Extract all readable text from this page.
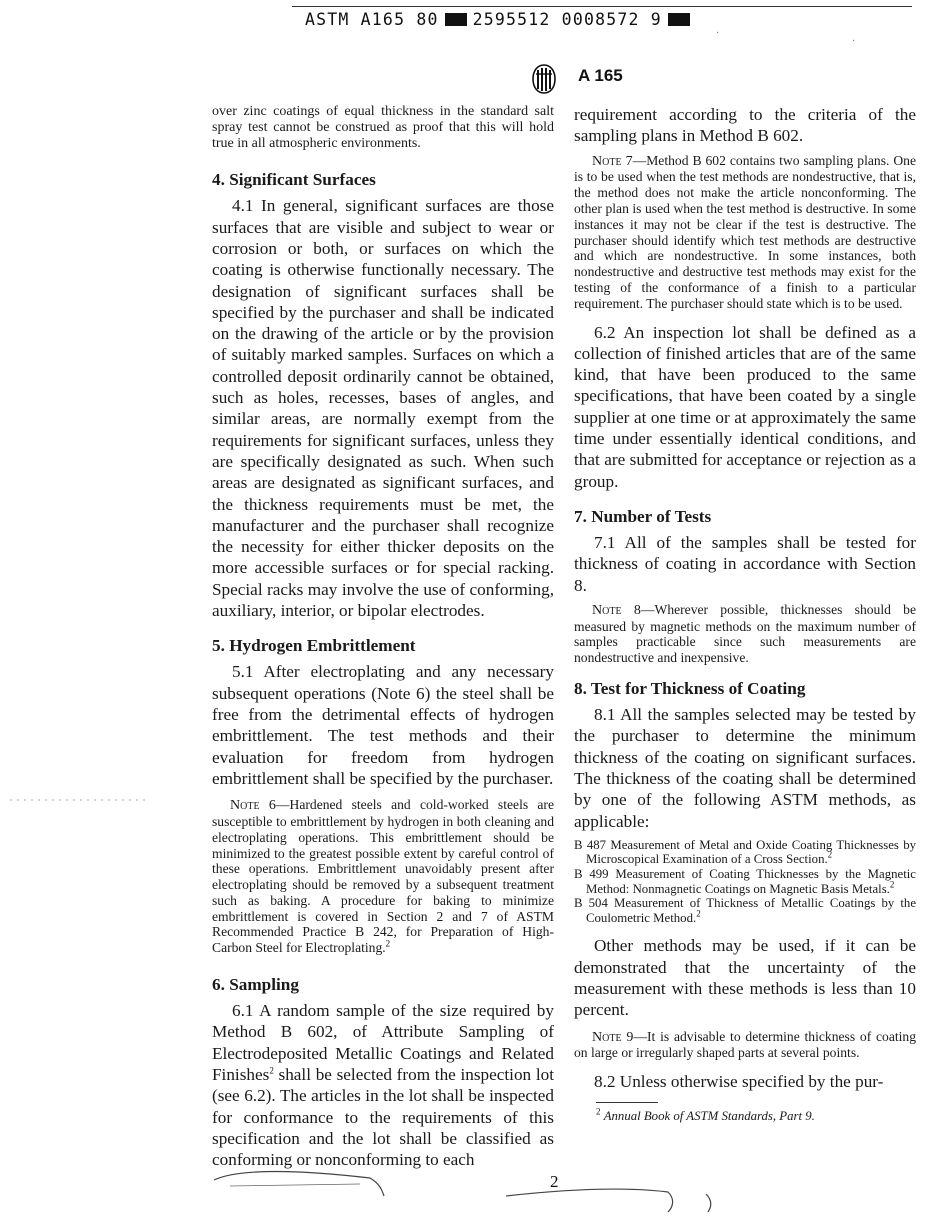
ASTM A165 80 2595512 0008572 9
A 165

over zinc coatings of equal thickness in the standard salt spray test cannot be construed as proof that this will hold true in all atmospheric environments.

4. Significant Surfaces

4.1 In general, significant surfaces are those surfaces that are visible and subject to wear or corrosion or both, or surfaces on which the coating is otherwise functionally necessary. The designation of significant surfaces shall be specified by the purchaser and shall be indicated on the drawing of the article or by the provision of suitably marked samples. Surfaces on which a controlled deposit ordinarily cannot be obtained, such as holes, recesses, bases of angles, and similar areas, are normally exempt from the requirements for significant surfaces, unless they are specifically designated as such. When such areas are designated as significant surfaces, and the thickness requirements must be met, the manufacturer and the purchaser shall recognize the necessity for either thicker deposits on the more accessible surfaces or for special racking. Special racks may involve the use of conforming, auxiliary, interior, or bipolar electrodes.

5. Hydrogen Embrittlement

5.1 After electroplating and any necessary subsequent operations (Note 6) the steel shall be free from the detrimental effects of hydrogen embrittlement. The test methods and their evaluation for freedom from hydrogen embrittlement shall be specified by the purchaser.

Note 6—Hardened steels and cold-worked steels are susceptible to embrittlement by hydrogen in both cleaning and electroplating operations. This embrittlement should be minimized to the greatest possible extent by careful control of these operations. Embrittlement unavoidably present after electroplating should be removed by a subsequent treatment such as baking. A procedure for baking to minimize embrittlement is covered in Section 2 and 7 of ASTM Recommended Practice B 242, for Preparation of High-Carbon Steel for Electroplating.$^2$

6. Sampling

6.1 A random sample of the size required by Method B 602, of Attribute Sampling of Electrodeposited Metallic Coatings and Related Finishes$^2$ shall be selected from the inspection lot (see 6.2). The articles in the lot shall be inspected for conformance to the requirements of this specification and the lot shall be classified as conforming or nonconforming to each

requirement according to the criteria of the sampling plans in Method B 602.

Note 7—Method B 602 contains two sampling plans. One is to be used when the test methods are nondestructive, that is, the method does not make the article nonconforming. The other plan is used when the test method is destructive. In some instances it may not be clear if the test is destructive. The purchaser should identify which test methods are destructive and which are nondestructive. In some instances, both nondestructive and destructive test methods may exist for the testing of the conformance of a finish to a particular requirement. The purchaser should state which is to be used.

6.2 An inspection lot shall be defined as a collection of finished articles that are of the same kind, that have been produced to the same specifications, that have been coated by a single supplier at one time or at approximately the same time under essentially identical conditions, and that are submitted for acceptance or rejection as a group.

7. Number of Tests

7.1 All of the samples shall be tested for thickness of coating in accordance with Section 8.

Note 8—Wherever possible, thicknesses should be measured by magnetic methods on the maximum number of samples practicable since such measurements are nondestructive and inexpensive.

8. Test for Thickness of Coating

8.1 All the samples selected may be tested by the purchaser to determine the minimum thickness of the coating on significant surfaces. The thickness of the coating shall be determined by one of the following ASTM methods, as applicable:

B 487 Measurement of Metal and Oxide Coating Thicknesses by Microscopical Examination of a Cross Section.$^2$

B 499 Measurement of Coating Thicknesses by the Magnetic Method: Nonmagnetic Coatings on Magnetic Basis Metals.$^2$

B 504 Measurement of Thickness of Metallic Coatings by the Coulometric Method.$^2$

Other methods may be used, if it can be demonstrated that the uncertainty of the measurement with these methods is less than 10 percent.

Note 9—It is advisable to determine thickness of coating on large or irregularly shaped parts at several points.

8.2 Unless otherwise specified by the pur-

$^2$ Annual Book of ASTM Standards, Part 9.

·
·
2
